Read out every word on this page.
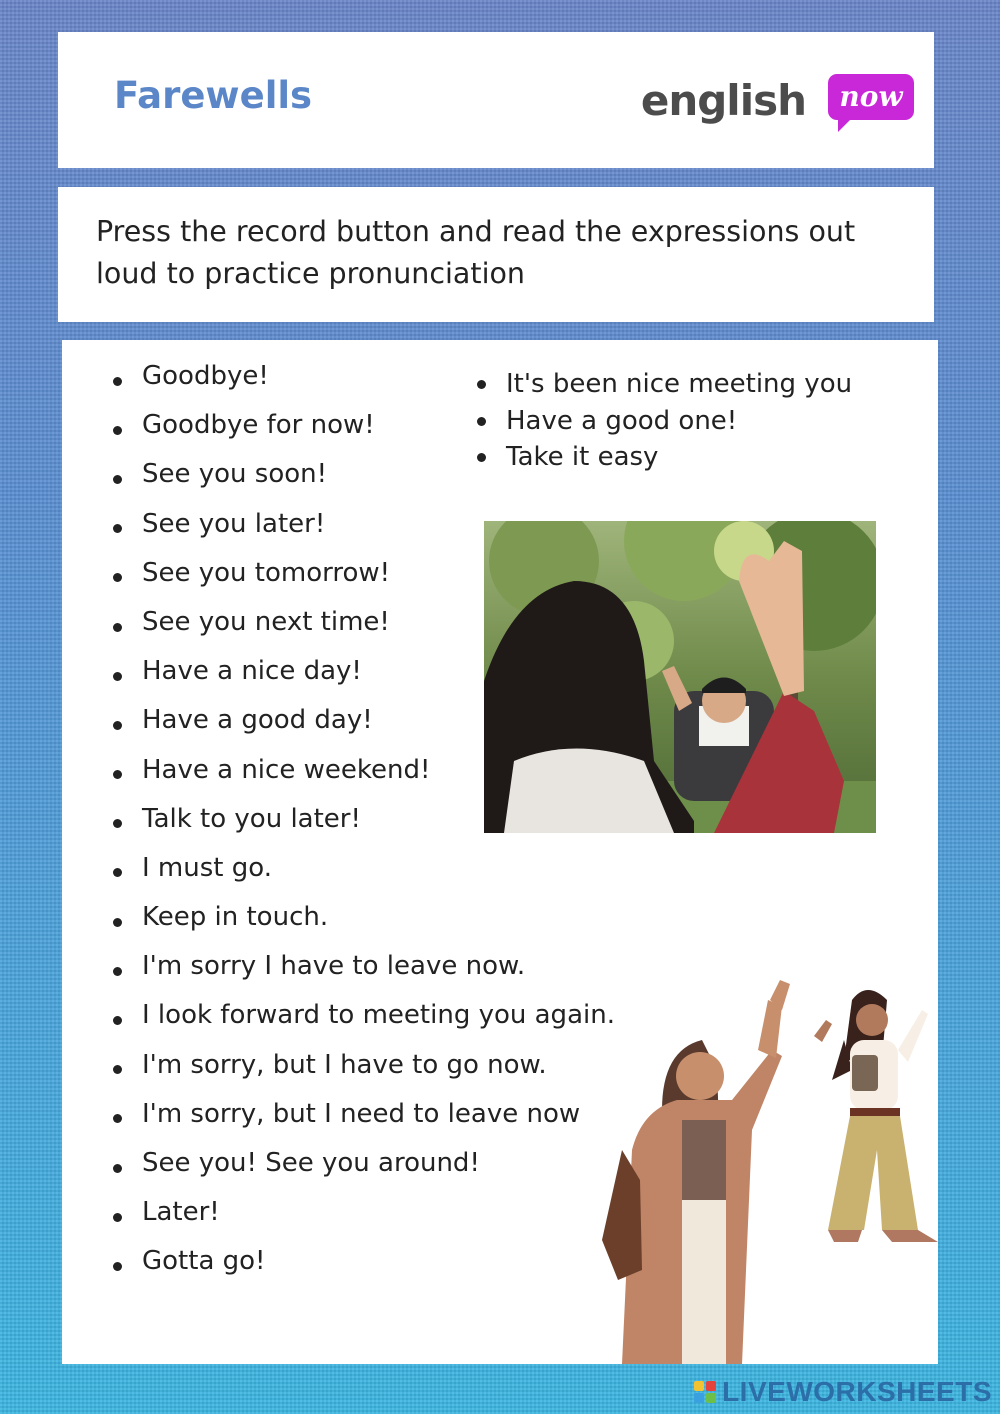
Farewells	english	now
Press the record button and read the expressions out loud to practice pronunciation
Goodbye!
Goodbye for now!
See you soon!
See you later!
See you tomorrow!
See you next time!
Have a nice day!
Have a good day!
Have a nice weekend!
Talk to you later!
I must go.
Keep in touch.
I'm sorry I have to leave now.
I look forward to meeting you again.
I'm sorry, but I have to go now.
I'm sorry, but I need to leave now
See you! See you around!
Later!
Gotta go!
It's been nice meeting you
Have a good one!
Take it easy
LIVEWORKSHEETS
